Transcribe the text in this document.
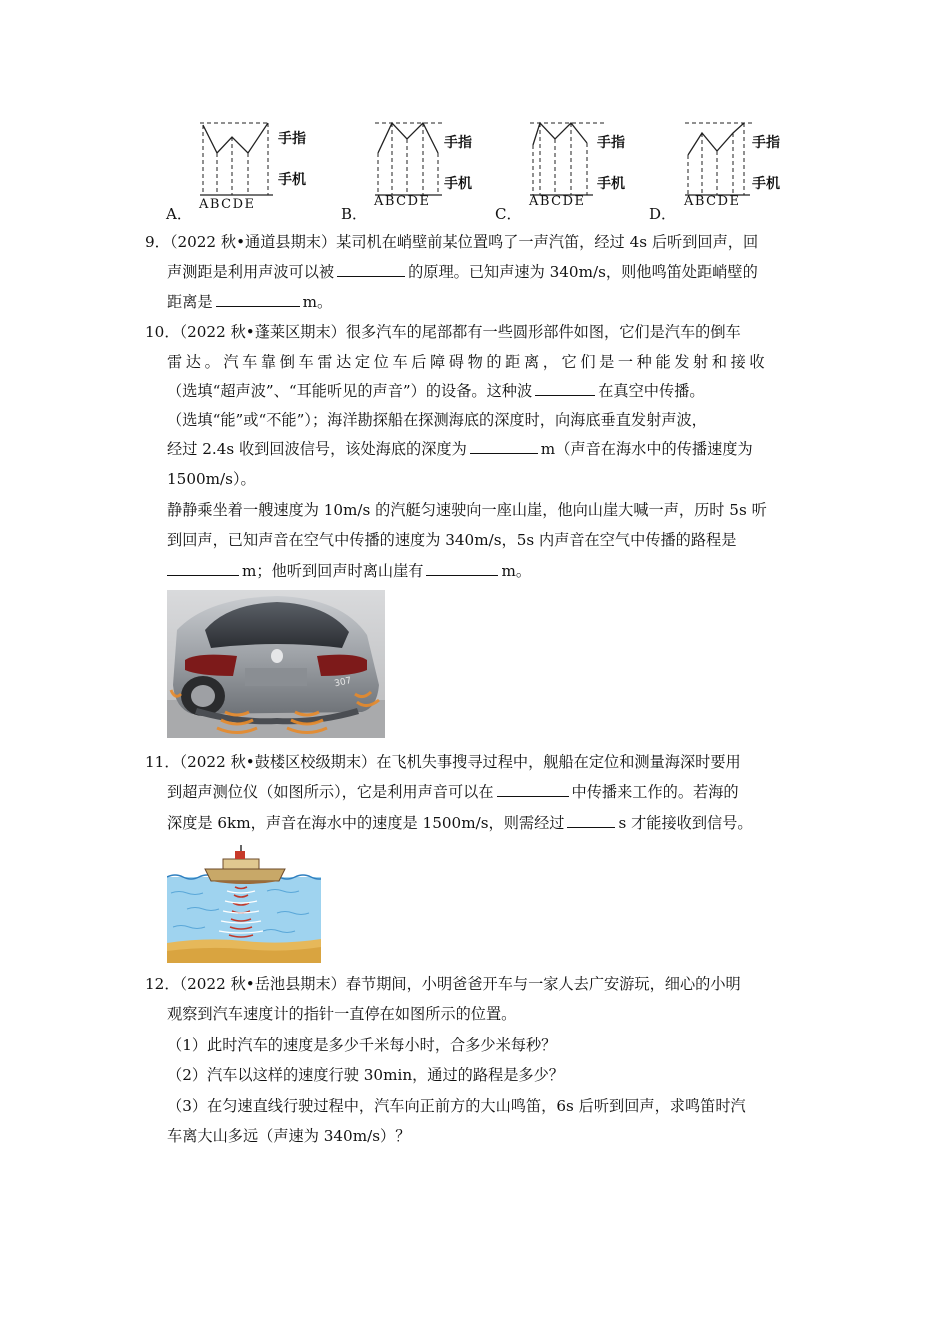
手指
手机
ABCDE
A．
手指
手机
ABCDE
B．
手指
手机
ABCDE
C．
手指
手机
ABCDE
D．
9．（2022 秋•通道县期末）某司机在峭壁前某位置鸣了一声汽笛，经过 4s 后听到回声，回
声测距是利用声波可以被	的原理。已知声速为 340m/s，则他鸣笛处距峭壁的
距离是	m。
10．（2022 秋•蓬莱区期末）很多汽车的尾部都有一些圆形部件如图，它们是汽车的倒车
雷达。汽车靠倒车雷达定位车后障碍物的距离，它们是一种能发射和接收
（选填“超声波”、“耳能听见的声音”）的设备。这种波	在真空中传播。
（选填“能”或“不能”）；海洋勘探船在探测海底的深度时，向海底垂直发射声波，
经过 2.4s 收到回波信号，该处海底的深度为	m（声音在海水中的传播速度为
1500m/s）。
静静乘坐着一艘速度为 10m/s 的汽艇匀速驶向一座山崖，他向山崖大喊一声，历时 5s 听
到回声，已知声音在空气中传播的速度为 340m/s，5s 内声音在空气中传播的路程是
m；他听到回声时离山崖有	m。
307
11．（2022 秋•鼓楼区校级期末）在飞机失事搜寻过程中，舰船在定位和测量海深时要用
到超声测位仪（如图所示），它是利用声音可以在	中传播来工作的。若海的
深度是 6km，声音在海水中的速度是 1500m/s，则需经过	s 才能接收到信号。
12．（2022 秋•岳池县期末）春节期间，小明爸爸开车与一家人去广安游玩，细心的小明
观察到汽车速度计的指针一直停在如图所示的位置。
（1）此时汽车的速度是多少千米每小时，合多少米每秒？
（2）汽车以这样的速度行驶 30min，通过的路程是多少？
（3）在匀速直线行驶过程中，汽车向正前方的大山鸣笛，6s 后听到回声，求鸣笛时汽
车离大山多远（声速为 340m/s）？
